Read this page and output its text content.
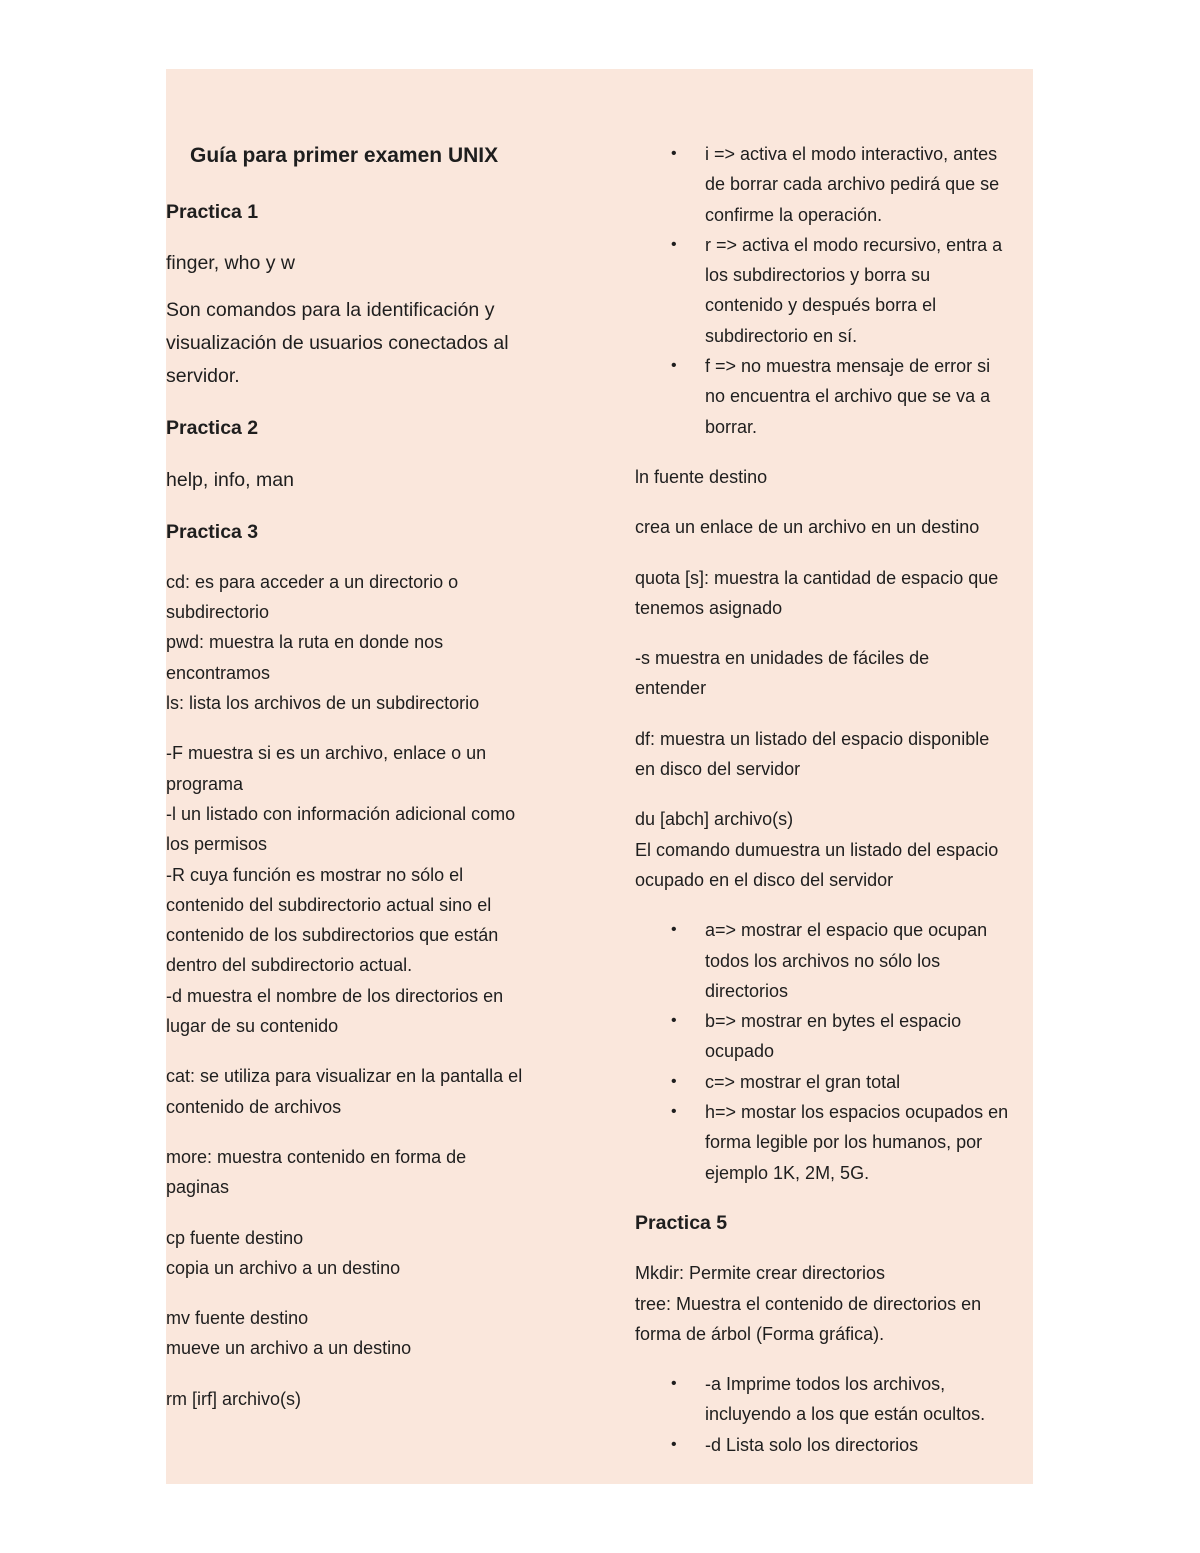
Guía para primer examen UNIX

Practica 1

finger, who y w

Son comandos para la identificación y

visualización de usuarios conectados al

servidor.

Practica 2

help, info, man

Practica 3

cd: es para acceder a un directorio o

subdirectorio

pwd: muestra la ruta en donde nos

encontramos

ls: lista los archivos de un subdirectorio

-F muestra si es un archivo, enlace o un

programa

-l un listado con información adicional como

los permisos

-R cuya función es mostrar no sólo el

contenido del subdirectorio actual sino el

contenido de los subdirectorios que están

dentro del subdirectorio actual.

-d muestra el nombre de los directorios en

lugar de su contenido

cat: se utiliza para visualizar en la pantalla el

contenido de archivos

more: muestra contenido en forma de

paginas

cp fuente destino

copia un archivo a un destino

mv fuente destino

mueve un archivo a un destino

rm [irf] archivo(s)

• i => activa el modo interactivo, antes

de borrar cada archivo pedirá que se

confirme la operación.

• r => activa el modo recursivo, entra a

los subdirectorios y borra su

contenido y después borra el

subdirectorio en sí.

• f => no muestra mensaje de error si

no encuentra el archivo que se va a

borrar.

ln fuente destino

crea un enlace de un archivo en un destino

quota [s]: muestra la cantidad de espacio que

tenemos asignado

-s muestra en unidades de fáciles de

entender

df: muestra un listado del espacio disponible

en disco del servidor

du [abch] archivo(s)

El comando dumuestra un listado del espacio

ocupado en el disco del servidor

• a=> mostrar el espacio que ocupan

todos los archivos no sólo los

directorios

• b=> mostrar en bytes el espacio

ocupado

• c=> mostrar el gran total

• h=> mostar los espacios ocupados en

forma legible por los humanos, por

ejemplo 1K, 2M, 5G.

Practica 5

Mkdir: Permite crear directorios

tree: Muestra el contenido de directorios en

forma de árbol (Forma gráfica).

• -a Imprime todos los archivos,

incluyendo a los que están ocultos.

• -d Lista solo los directorios
